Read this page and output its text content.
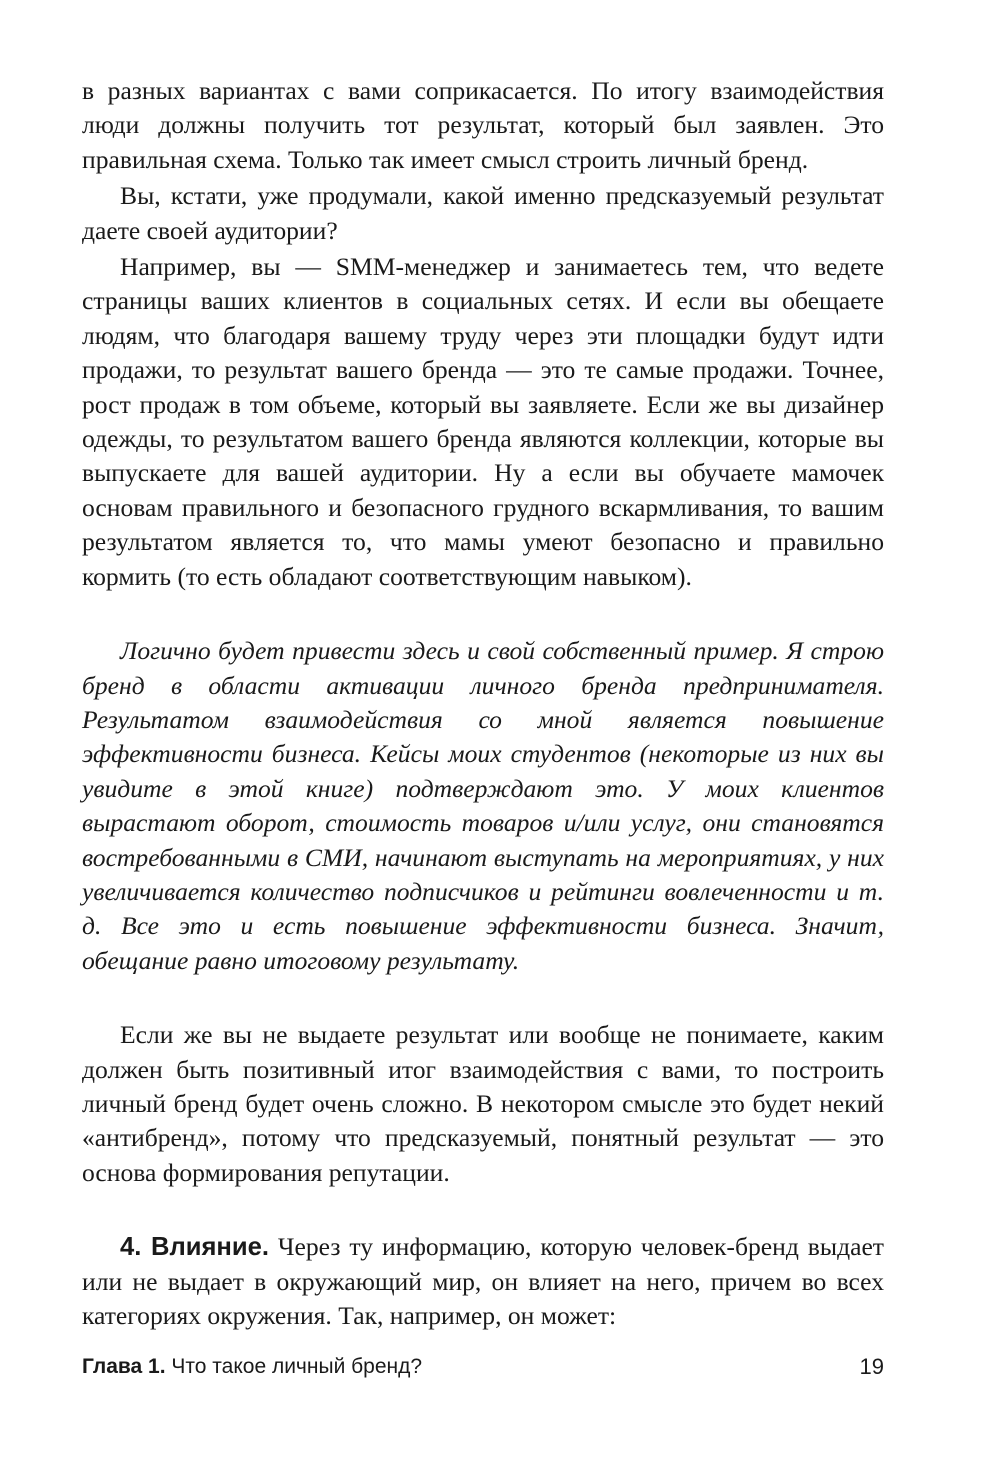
в разных вариантах с вами соприкасается. По итогу взаимодействия люди должны получить тот результат, который был заявлен. Это правильная схема. Только так имеет смысл строить личный бренд.

Вы, кстати, уже продумали, какой именно предсказуемый результат даете своей аудитории?

Например, вы — SMM-менеджер и занимаетесь тем, что ведете страницы ваших клиентов в социальных сетях. И если вы обещаете людям, что благодаря вашему труду через эти площадки будут идти продажи, то результат вашего бренда — это те самые продажи. Точнее, рост продаж в том объеме, который вы заявляете. Если же вы дизайнер одежды, то результатом вашего бренда являются коллекции, которые вы выпускаете для вашей аудитории. Ну а если вы обучаете мамочек основам правильного и безопасного грудного вскармливания, то вашим результатом является то, что мамы умеют безопасно и правильно кормить (то есть обладают соответствующим навыком).

Логично будет привести здесь и свой собственный пример. Я строю бренд в области активации личного бренда предпринимателя. Результатом взаимодействия со мной является повышение эффективности бизнеса. Кейсы моих студентов (некоторые из них вы увидите в этой книге) подтверждают это. У моих клиентов вырастают оборот, стоимость товаров и/или услуг, они становятся востребованными в СМИ, начинают выступать на мероприятиях, у них увеличивается количество подписчиков и рейтинги вовлеченности и т. д. Все это и есть повышение эффективности бизнеса. Значит, обещание равно итоговому результату.

Если же вы не выдаете результат или вообще не понимаете, каким должен быть позитивный итог взаимодействия с вами, то построить личный бренд будет очень сложно. В некотором смысле это будет некий «антибренд», потому что предсказуемый, понятный результат — это основа формирования репутации.

4. Влияние. Через ту информацию, которую человек-бренд выдает или не выдает в окружающий мир, он влияет на него, причем во всех категориях окружения. Так, например, он может:

Глава 1. Что такое личный бренд?	19
